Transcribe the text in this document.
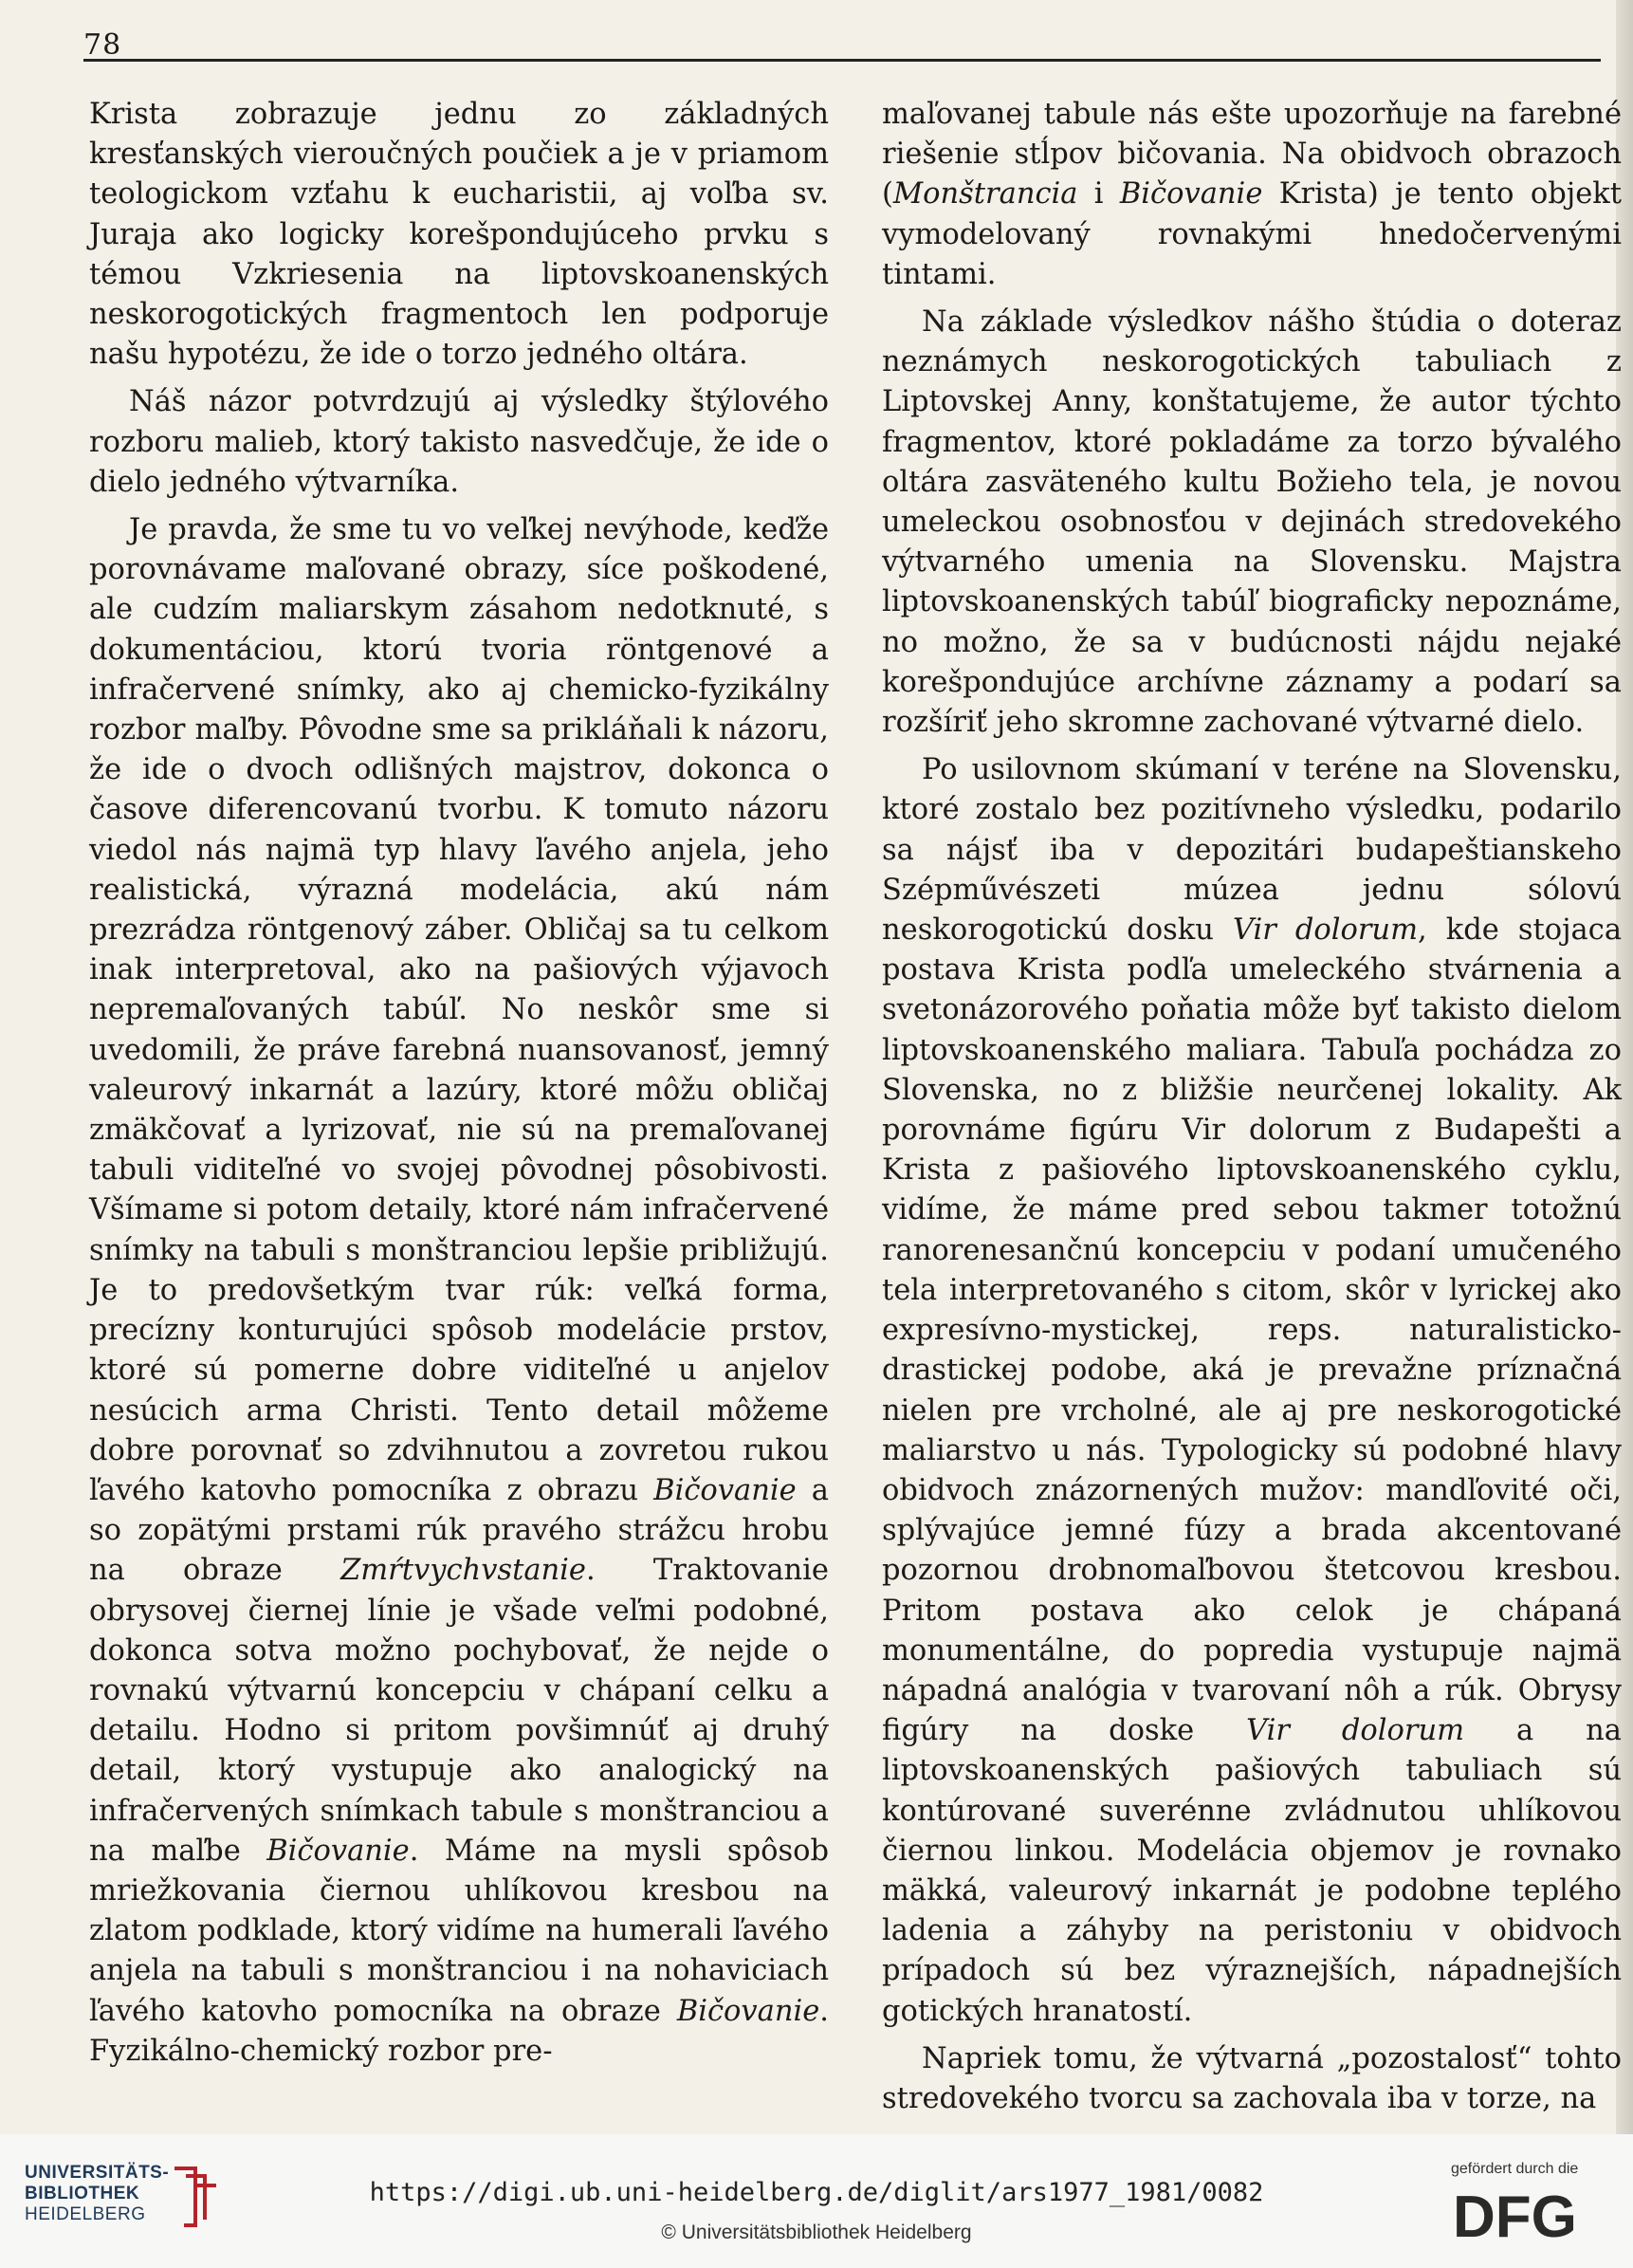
78

Krista zobrazuje jednu zo základných kresťanských vieroučných poučiek a je v priamom teologickom vzťahu k eucharistii, aj voľba sv. Juraja ako logicky korešpondujúceho prvku s témou Vzkriesenia na liptovskoanenských neskorogotických fragmentoch len podporuje našu hypotézu, že ide o torzo jedného oltára.

Náš názor potvrdzujú aj výsledky štýlového rozboru malieb, ktorý takisto nasvedčuje, že ide o dielo jedného výtvarníka.

Je pravda, že sme tu vo veľkej nevýhode, keďže porovnávame maľované obrazy, síce poškodené, ale cudzím maliarskym zásahom nedotknuté, s dokumentáciou, ktorú tvoria röntgenové a infračervené snímky, ako aj chemicko-fyzikálny rozbor maľby. Pôvodne sme sa prikláňali k názoru, že ide o dvoch odlišných majstrov, dokonca o časove diferencovanú tvorbu. K tomuto názoru viedol nás najmä typ hlavy ľavého anjela, jeho realistická, výrazná modelácia, akú nám prezrádza röntgenový záber. Obličaj sa tu celkom inak interpretoval, ako na pašiových výjavoch nepremaľovaných tabúľ. No neskôr sme si uvedomili, že práve farebná nuansovanosť, jemný valeurový inkarnát a lazúry, ktoré môžu obličaj zmäkčovať a lyrizovať, nie sú na premaľovanej tabuli viditeľné vo svojej pôvodnej pôsobivosti. Všímame si potom detaily, ktoré nám infračervené snímky na tabuli s monštranciou lepšie približujú. Je to predovšetkým tvar rúk: veľká forma, precízny konturujúci spôsob modelácie prstov, ktoré sú pomerne dobre viditeľné u anjelov nesúcich arma Christi. Tento detail môžeme dobre porovnať so zdvihnutou a zovretou rukou ľavého katovho pomocníka z obrazu Bičovanie a so zopätými prstami rúk pravého strážcu hrobu na obraze Zmŕtvychvstanie. Traktovanie obrysovej čiernej línie je všade veľmi podobné, dokonca sotva možno pochybovať, že nejde o rovnakú výtvarnú koncepciu v chápaní celku a detailu. Hodno si pritom povšimnúť aj druhý detail, ktorý vystupuje ako analogický na infračervených snímkach tabule s monštranciou a na maľbe Bičovanie. Máme na mysli spôsob mriežkovania čiernou uhlíkovou kresbou na zlatom podklade, ktorý vidíme na humerali ľavého anjela na tabuli s monštranciou i na nohaviciach ľavého katovho pomocníka na obraze Bičovanie. Fyzikálno-chemický rozbor pre-

maľovanej tabule nás ešte upozorňuje na farebné riešenie stĺpov bičovania. Na obidvoch obrazoch (Monštrancia i Bičovanie Krista) je tento objekt vymodelovaný rovnakými hnedočervenými tintami.

Na základe výsledkov nášho štúdia o doteraz neznámych neskorogotických tabuliach z Liptovskej Anny, konštatujeme, že autor týchto fragmentov, ktoré pokladáme za torzo bývalého oltára zasväteného kultu Božieho tela, je novou umeleckou osobnosťou v dejinách stredovekého výtvarného umenia na Slovensku. Majstra liptovskoanenských tabúľ biograficky nepoznáme, no možno, že sa v budúcnosti nájdu nejaké korešpondujúce archívne záznamy a podarí sa rozšíriť jeho skromne zachované výtvarné dielo.

Po usilovnom skúmaní v teréne na Slovensku, ktoré zostalo bez pozitívneho výsledku, podarilo sa nájsť iba v depozitári budapeštianskeho Szépművészeti múzea jednu sólovú neskorogotickú dosku Vir dolorum, kde stojaca postava Krista podľa umeleckého stvárnenia a svetonázorového poňatia môže byť takisto dielom liptovskoanenského maliara. Tabuľa pochádza zo Slovenska, no z bližšie neurčenej lokality. Ak porovnáme figúru Vir dolorum z Budapešti a Krista z pašiového liptovskoanenského cyklu, vidíme, že máme pred sebou takmer totožnú ranorenesančnú koncepciu v podaní umučeného tela interpretovaného s citom, skôr v lyrickej ako expresívno-mystickej, reps. naturalisticko-drastickej podobe, aká je prevažne príznačná nielen pre vrcholné, ale aj pre neskorogotické maliarstvo u nás. Typologicky sú podobné hlavy obidvoch znázornených mužov: mandľovité oči, splývajúce jemné fúzy a brada akcentované pozornou drobnomaľbovou štetcovou kresbou. Pritom postava ako celok je chápaná monumentálne, do popredia vystupuje najmä nápadná analógia v tvarovaní nôh a rúk. Obrysy figúry na doske Vir dolorum a na liptovskoanenských pašiových tabuliach sú kontúrované suverénne zvládnutou uhlíkovou čiernou linkou. Modelácia objemov je rovnako mäkká, valeurový inkarnát je podobne teplého ladenia a záhyby na peristoniu v obidvoch prípadoch sú bez výraznejších, nápadnejších gotických hranatostí.

Napriek tomu, že výtvarná „pozostalosť“ tohto stredovekého tvorcu sa zachovala iba v torze, na

UNIVERSITÄTS-
BIBLIOTHEK
HEIDELBERG
https://digi.ub.uni-heidelberg.de/diglit/ars1977_1981/0082
© Universitätsbibliothek Heidelberg
gefördert durch die
DFG
